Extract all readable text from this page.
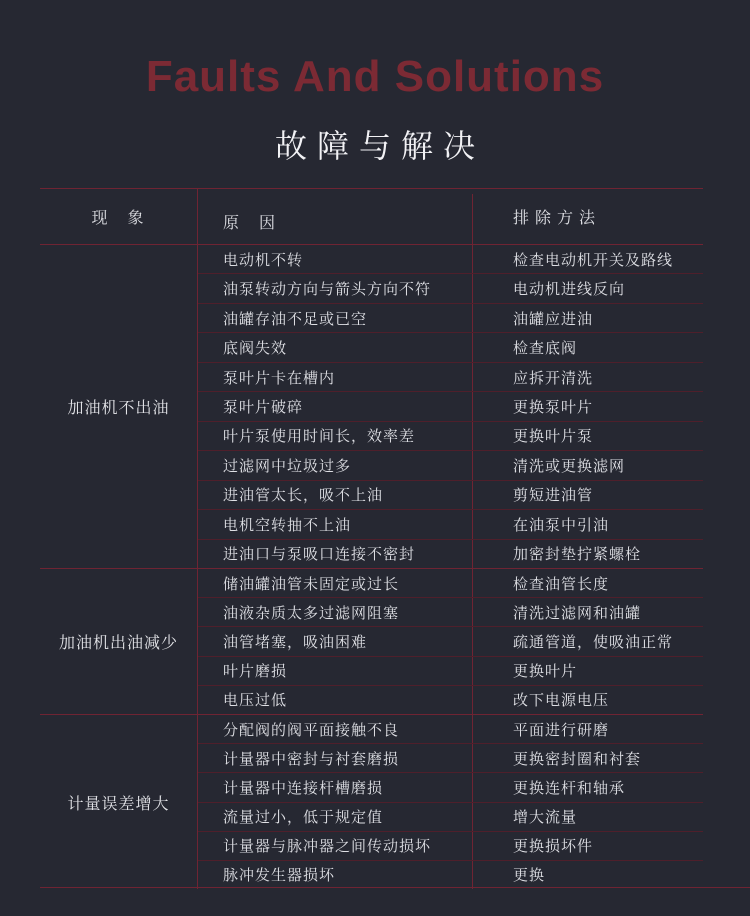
Faults And Solutions
故障与解决
现　象	原　因	排除方法
加油机不出油
电动机不转	检查电动机开关及路线
油泵转动方向与箭头方向不符	电动机进线反向
油罐存油不足或已空	油罐应进油
底阀失效	检查底阀
泵叶片卡在槽内	应拆开清洗
泵叶片破碎	更换泵叶片
叶片泵使用时间长，效率差	更换叶片泵
过滤网中垃圾过多	清洗或更换滤网
进油管太长，吸不上油	剪短进油管
电机空转抽不上油	在油泵中引油
进油口与泵吸口连接不密封	加密封垫拧紧螺栓
加油机出油减少
储油罐油管未固定或过长	检查油管长度
油液杂质太多过滤网阻塞	清洗过滤网和油罐
油管堵塞，吸油困难	疏通管道，使吸油正常
叶片磨损	更换叶片
电压过低	改下电源电压
计量误差增大
分配阀的阀平面接触不良	平面进行研磨
计量器中密封与衬套磨损	更换密封圈和衬套
计量器中连接杆槽磨损	更换连杆和轴承
流量过小，低于规定值	增大流量
计量器与脉冲器之间传动损坏	更换损坏件
脉冲发生器损坏	更换
